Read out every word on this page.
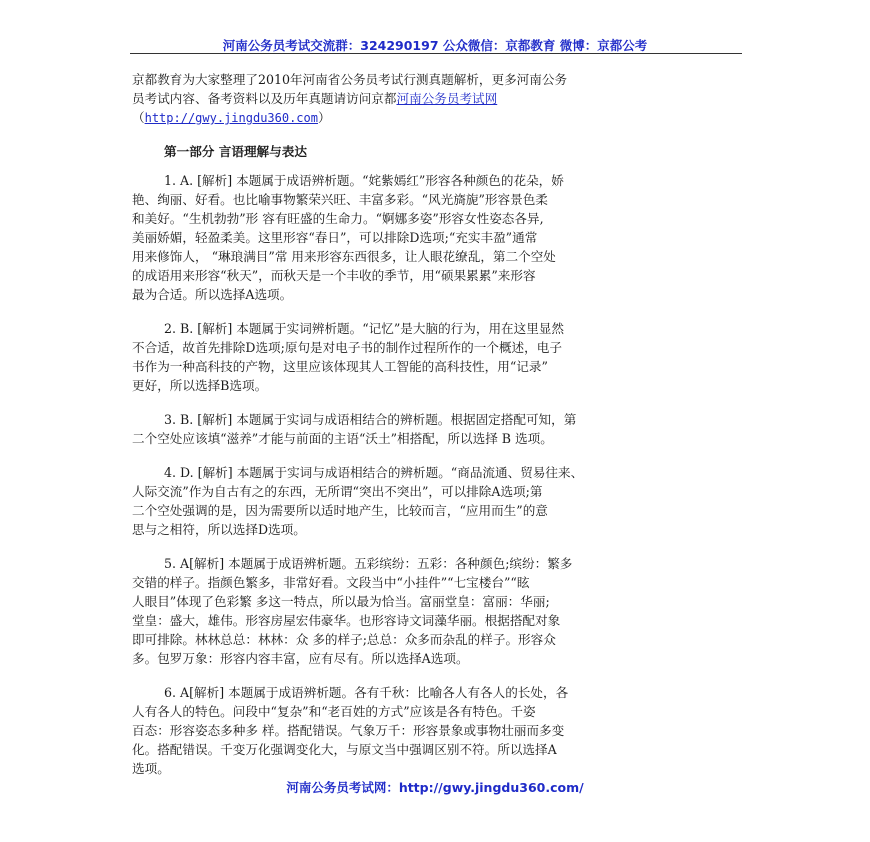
河南公务员考试交流群：324290197 公众微信：京都教育 微博：京都公考

京都教育为大家整理了2010年河南省公务员考试行测真题解析，更多河南公务
员考试内容、备考资料以及历年真题请访问京都河南公务员考试网
（http://gwy.jingdu360.com）

第一部分 言语理解与表达

1. A. [解析] 本题属于成语辨析题。“姹紫嫣红”形容各种颜色的花朵，娇
艳、绚丽、好看。也比喻事物繁荣兴旺、丰富多彩。“风光旖旎”形容景色柔
和美好。“生机勃勃”形 容有旺盛的生命力。“婀娜多姿”形容女性姿态各异,
美丽娇媚，轻盈柔美。这里形容“春日”，可以排除D选项;“充实丰盈”通常
用来修饰人， “琳琅满目”常 用来形容东西很多，让人眼花缭乱，第二个空处
的成语用来形容“秋天”，而秋天是一个丰收的季节，用“硕果累累”来形容
最为合适。所以选择A选项。

2. B. [解析] 本题属于实词辨析题。“记忆”是大脑的行为，用在这里显然
不合适，故首先排除D选项;原句是对电子书的制作过程所作的一个概述，电子
书作为一种高科技的产物，这里应该体现其人工智能的高科技性，用“记录”
更好，所以选择B选项。

3. B. [解析] 本题属于实词与成语相结合的辨析题。根据固定搭配可知，第
二个空处应该填“滋养”才能与前面的主语“沃土”相搭配，所以选择 B 选项。

4. D. [解析] 本题属于实词与成语相结合的辨析题。“商品流通、贸易往来、
人际交流”作为自古有之的东西，无所谓“突出不突出”，可以排除A选项;第
二个空处强调的是，因为需要所以适时地产生，比较而言，“应用而生”的意
思与之相符，所以选择D选项。

5. A[解析] 本题属于成语辨析题。五彩缤纷：五彩：各种颜色;缤纷：繁多
交错的样子。指颜色繁多，非常好看。文段当中“小挂件”“七宝楼台”“眩
人眼目”体现了色彩繁 多这一特点，所以最为恰当。富丽堂皇：富丽：华丽;
堂皇：盛大，雄伟。形容房屋宏伟豪华。也形容诗文词藻华丽。根据搭配对象
即可排除。林林总总：林林：众 多的样子;总总：众多而杂乱的样子。形容众
多。包罗万象：形容内容丰富，应有尽有。所以选择A选项。

6. A[解析] 本题属于成语辨析题。各有千秋：比喻各人有各人的长处，各
人有各人的特色。问段中“复杂”和“老百姓的方式”应该是各有特色。千姿
百态：形容姿态多种多 样。搭配错误。气象万千：形容景象或事物壮丽而多变
化。搭配错误。千变万化强调变化大，与原文当中强调区别不符。所以选择A
选项。

河南公务员考试网：http://gwy.jingdu360.com/
